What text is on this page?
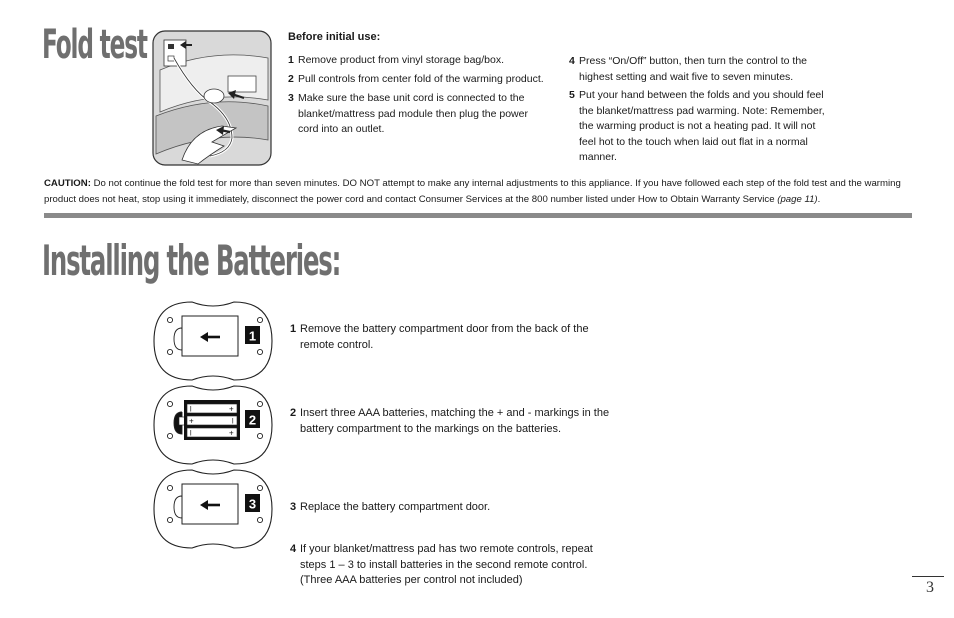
Fold test	Before initial use:
1 Remove product from vinyl storage bag/box.
2 Pull controls from center fold of the warming product.
3 Make sure the base unit cord is connected to the blanket/mattress pad module then plug the power cord into an outlet.
4 Press “On/Off” button, then turn the control to the highest setting and wait five to seven minutes.
5 Put your hand between the folds and you should feel the blanket/mattress pad warming. Note: Remember, the warming product is not a heating pad. It will not feel hot to the touch when laid out flat in a normal manner.
CAUTION: Do not continue the fold test for more than seven minutes. DO NOT attempt to make any internal adjustments to this appliance. If you have followed each step of the fold test and the warming product does not heat, stop using it immediately, disconnect the power cord and contact Consumer Services at the 800 number listed under How to Obtain Warranty Service (page 11).
Installing the Batteries:
1
l	+
+	l
l	+
2
3
1 Remove the battery compartment door from the back of the remote control.
2 Insert three AAA batteries, matching the + and - markings in the battery compartment to the markings on the batteries.
3 Replace the battery compartment door.
4 If your blanket/mattress pad has two remote controls, repeat steps 1 – 3 to install batteries in the second remote control. (Three AAA batteries per control not included)	3
